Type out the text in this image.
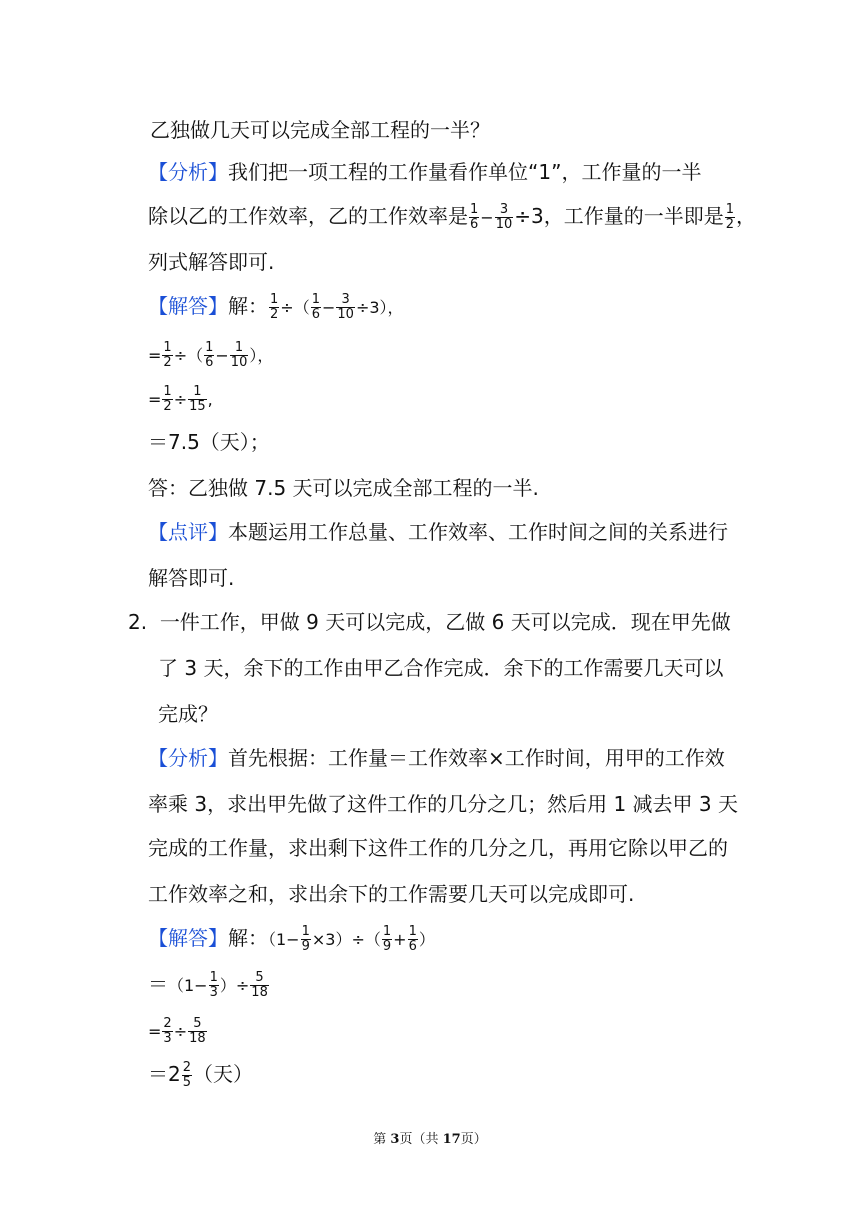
乙独做几天可以完成全部工程的一半？
【分析】我们把一项工程的工作量看作单位“1”，工作量的一半
除以乙的工作效率，乙的工作效率是 $\frac{1}{6} - \frac{3}{10} \div 3$，工作量的一半即是 $\frac{1}{2}$ ，
列式解答即可.
【解答】解： $\frac{1}{2}$ ÷（ $\frac{1}{6} - \frac{3}{10} \div 3$），
= $\frac{1}{2}$ ÷（ $\frac{1}{6} - \frac{1}{10}$ ），
= $\frac{1}{2} \div \frac{1}{15}$ ,
＝7.5（天）；
答：乙独做 7.5 天可以完成全部工程的一半.
【点评】本题运用工作总量、工作效率、工作时间之间的关系进行
解答即可.
2. 一件工作，甲做 9 天可以完成，乙做 6 天可以完成．现在甲先做
了 3 天，余下的工作由甲乙合作完成．余下的工作需要几天可以
完成？
【分析】首先根据：工作量＝工作效率×工作时间，用甲的工作效
率乘 3，求出甲先做了这件工作的几分之几；然后用 1 减去甲 3 天
完成的工作量，求出剩下这件工作的几分之几，再用它除以甲乙的
工作效率之和，求出余下的工作需要几天可以完成即可.
【解答】解：$(1- \frac{1}{9} \times 3)\div( \frac{1}{9} + \frac{1}{6}$ ）
$=(1- \frac{1}{3}$ ）÷ $\frac{5}{18}$
= $\frac{2}{3} \div \frac{5}{18}$
$=2 \frac{2}{5}$ （天）
第 3页（共 17页）
